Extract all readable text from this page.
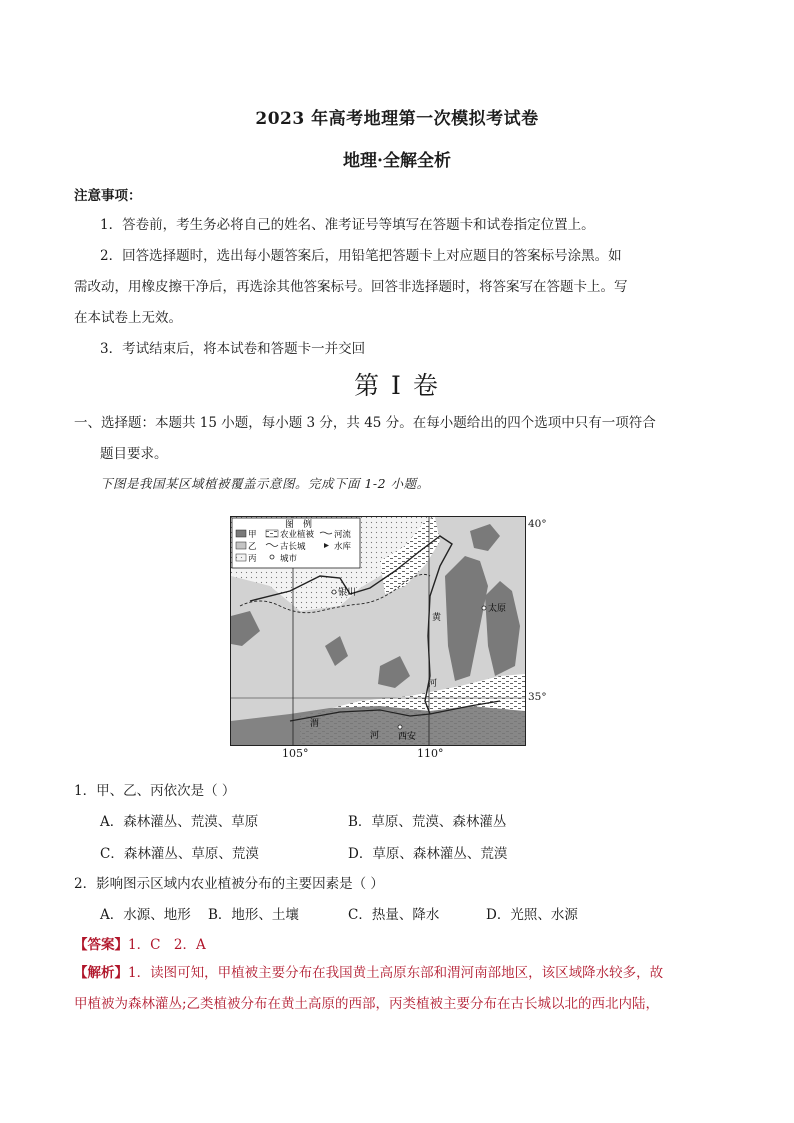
2023 年高考地理第一次模拟考试卷
地理·全解全析
注意事项：
1．答卷前，考生务必将自己的姓名、准考证号等填写在答题卡和试卷指定位置上。
2．回答选择题时，选出每小题答案后，用铅笔把答题卡上对应题目的答案标号涂黑。如
需改动，用橡皮擦干净后，再选涂其他答案标号。回答非选择题时，将答案写在答题卡上。写
在本试卷上无效。
3．考试结束后，将本试卷和答题卡一并交回
第 I 卷
一、选择题：本题共 15 小题，每小题 3 分，共 45 分。在每小题给出的四个选项中只有一项符合
题目要求。
下图是我国某区域植被覆盖示意图。完成下面 1-2 小题。
图　例
甲
乙
丙
农业植被
古长城
城市
河流
水库
银川
太原
西安
黄
河
渭
河
40°
35°
105°	110°
1．甲、乙、丙依次是（ ）
A．森林灌丛、荒漠、草原	B．草原、荒漠、森林灌丛
C．森林灌丛、草原、荒漠	D．草原、森林灌丛、荒漠
2．影响图示区域内农业植被分布的主要因素是（ ）
A．水源、地形 B．地形、土壤	C．热量、降水	D．光照、水源
【答案】1．C　2．A
【解析】1．读图可知，甲植被主要分布在我国黄土高原东部和渭河南部地区，该区域降水较多，故
甲植被为森林灌丛;乙类植被分布在黄土高原的西部，丙类植被主要分布在古长城以北的西北内陆，
